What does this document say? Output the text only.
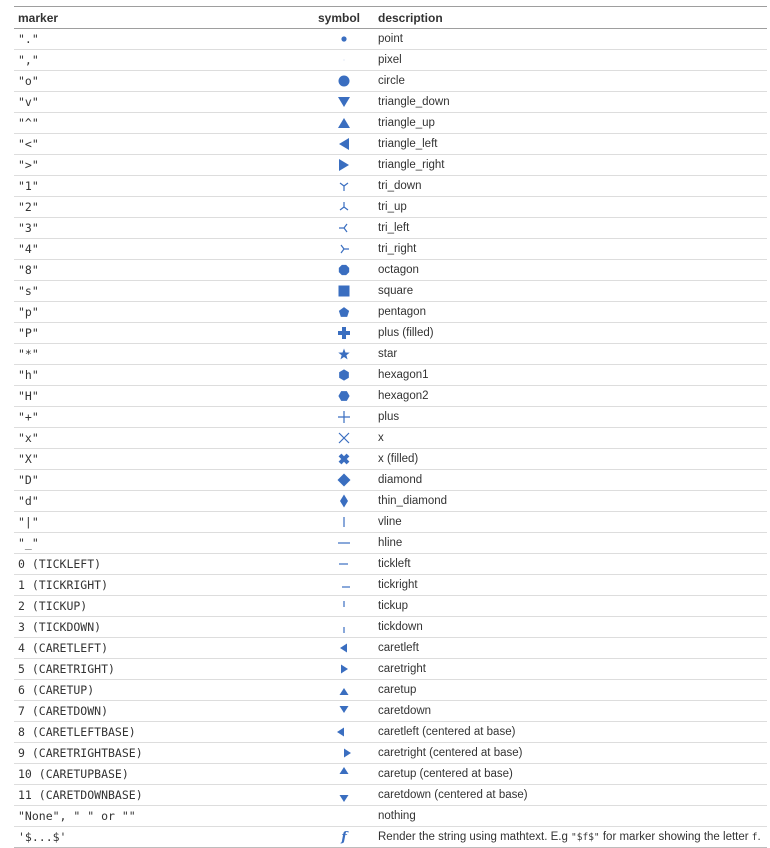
marker	symbol	description
"."		point
","		pixel
"o"		circle
"v"		triangle_down
"^"		triangle_up
"<"		triangle_left
">"		triangle_right
"1"		tri_down
"2"		tri_up
"3"		tri_left
"4"		tri_right
"8"		octagon
"s"		square
"p"		pentagon
"P"		plus (filled)
"*"		star
"h"		hexagon1
"H"		hexagon2
"+"		plus
"x"		x
"X"		x (filled)
"D"		diamond
"d"		thin_diamond
"|"		vline
"_"		hline
0 (TICKLEFT)		tickleft
1 (TICKRIGHT)		tickright
2 (TICKUP)		tickup
3 (TICKDOWN)		tickdown
4 (CARETLEFT)		caretleft
5 (CARETRIGHT)		caretright
6 (CARETUP)		caretup
7 (CARETDOWN)		caretdown
8 (CARETLEFTBASE)		caretleft (centered at base)
9 (CARETRIGHTBASE)		caretright (centered at base)
10 (CARETUPBASE)		caretup (centered at base)
11 (CARETDOWNBASE)		caretdown (centered at base)
"None", " " or ""		nothing
'$...$'	f	Render the string using mathtext. E.g "$f$" for marker showing the letter f.
